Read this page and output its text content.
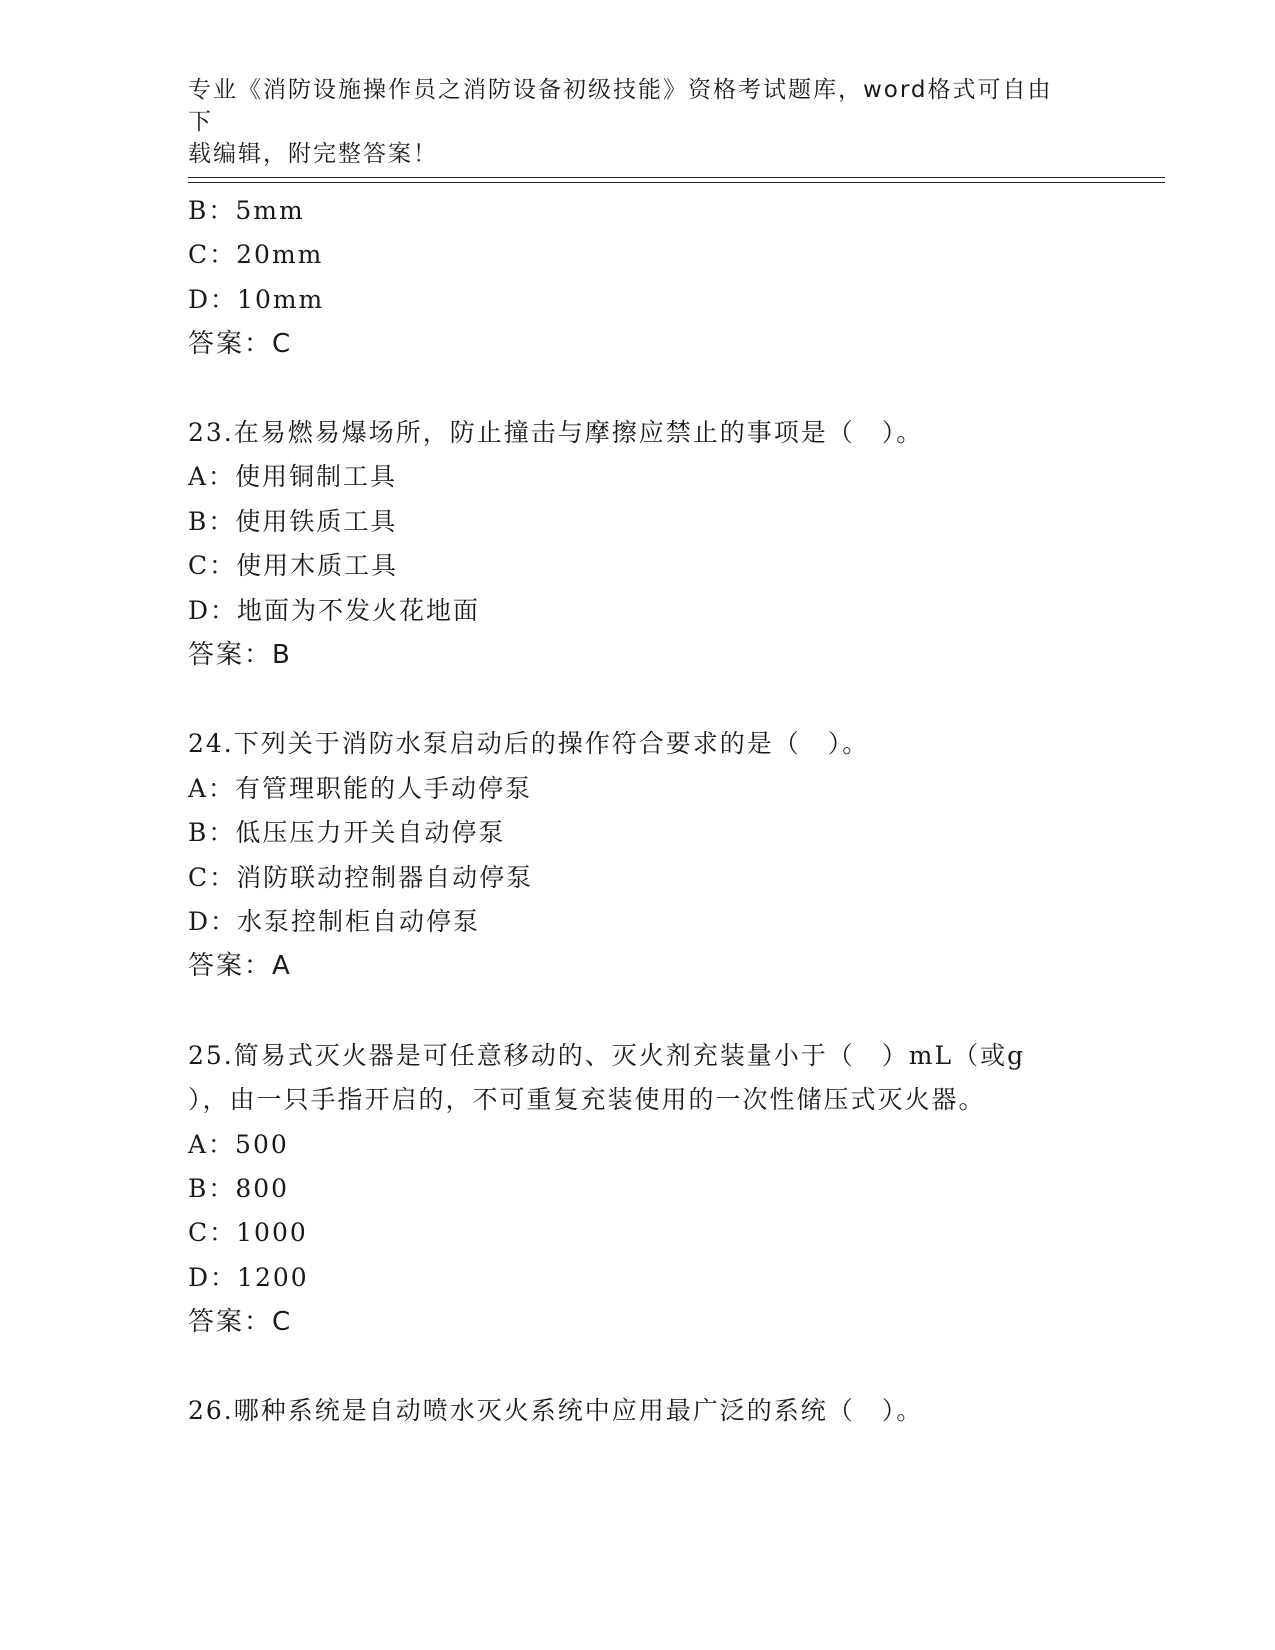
专业《消防设施操作员之消防设备初级技能》资格考试题库，word格式可自由下
载编辑，附完整答案！
B：5mm
C：20mm
D：10mm
答案：C
23.在易燃易爆场所，防止撞击与摩擦应禁止的事项是（　）。
A：使用铜制工具
B：使用铁质工具
C：使用木质工具
D：地面为不发火花地面
答案：B
24.下列关于消防水泵启动后的操作符合要求的是（　）。
A：有管理职能的人手动停泵
B：低压压力开关自动停泵
C：消防联动控制器自动停泵
D：水泵控制柜自动停泵
答案：A
25.简易式灭火器是可任意移动的、灭火剂充装量小于（　）mL（或g
），由一只手指开启的，不可重复充装使用的一次性储压式灭火器。
A：500
B：800
C：1000
D：1200
答案：C
26.哪种系统是自动喷水灭火系统中应用最广泛的系统（　）。
